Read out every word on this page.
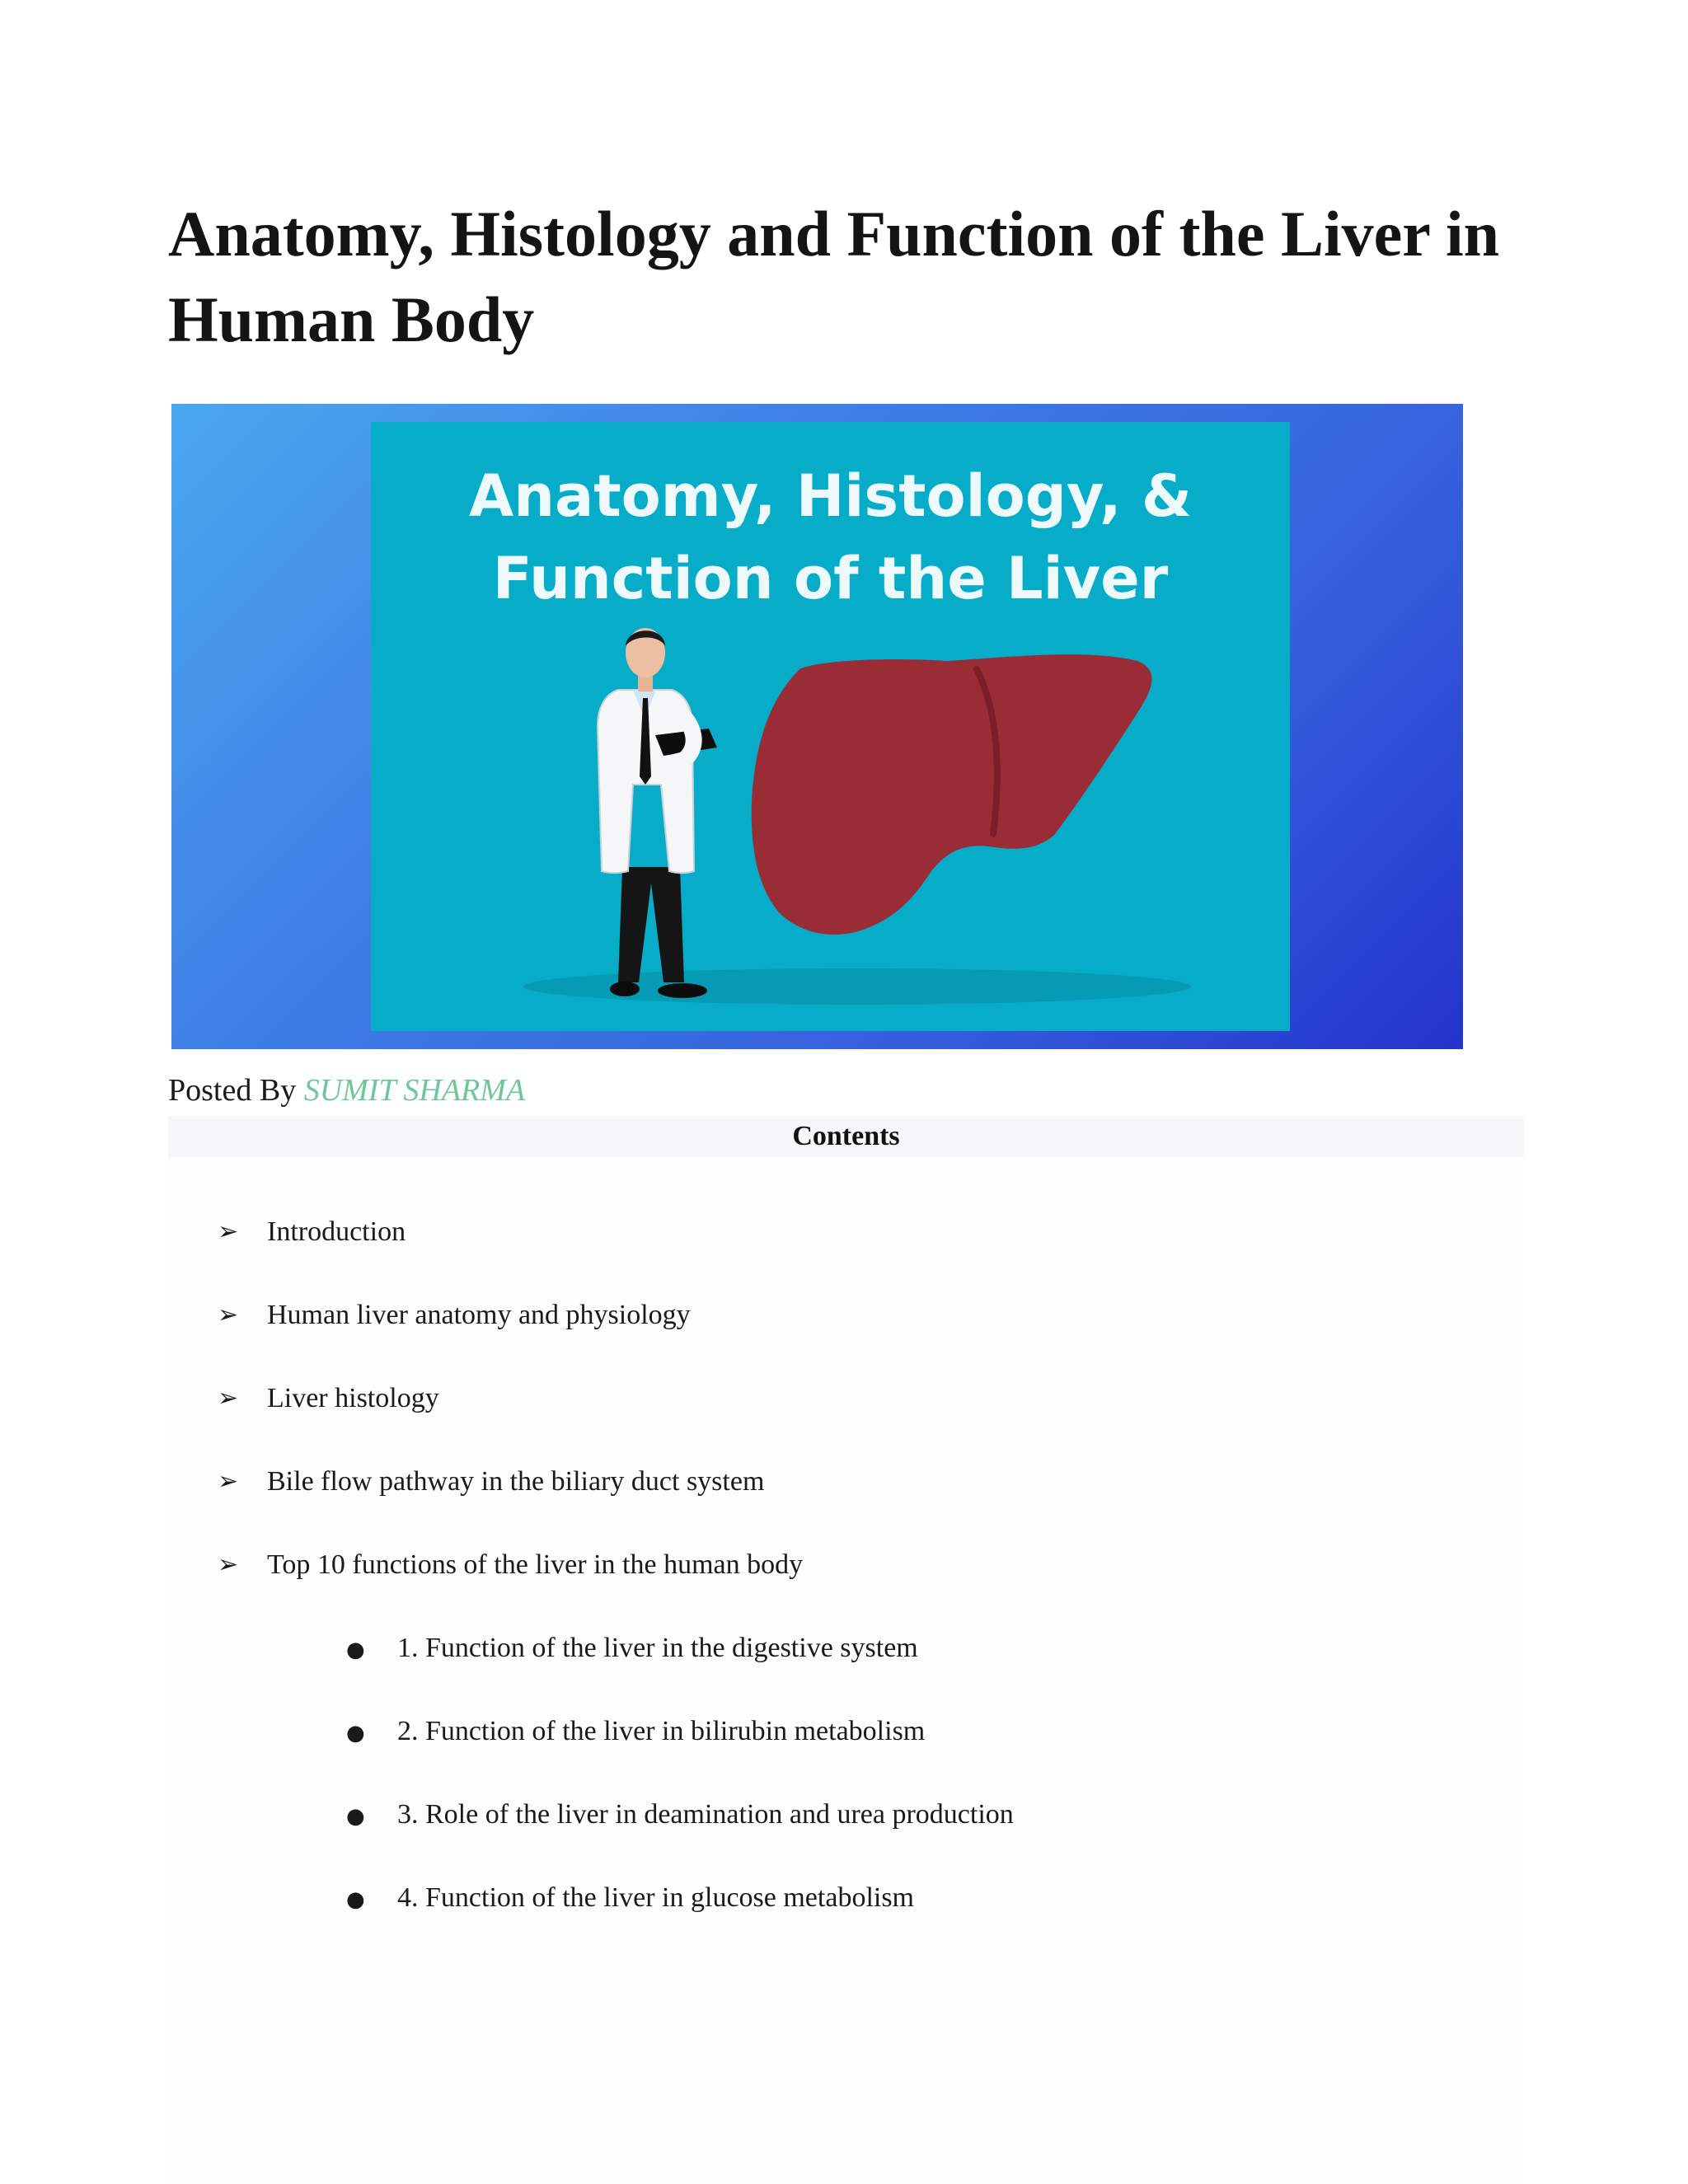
Anatomy, Histology and Function of the Liver in Human Body
Anatomy, Histology, &
Function of the Liver
Posted By SUMIT SHARMA
Contents
➢ Introduction
➢ Human liver anatomy and physiology
➢ Liver histology
➢ Bile flow pathway in the biliary duct system
➢ Top 10 functions of the liver in the human body
● 1. Function of the liver in the digestive system
● 2. Function of the liver in bilirubin metabolism
● 3. Role of the liver in deamination and urea production
● 4. Function of the liver in glucose metabolism
